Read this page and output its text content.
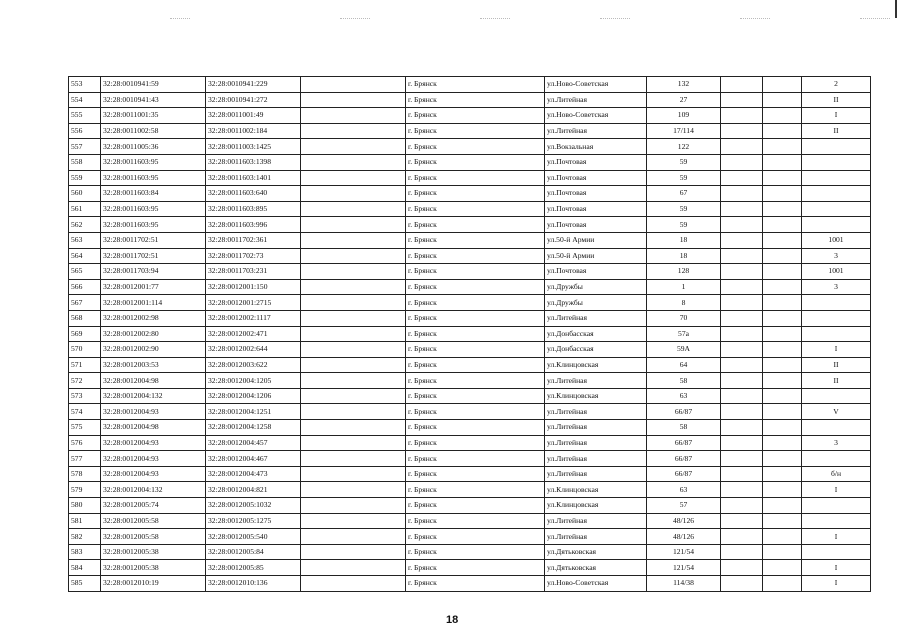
553	32:28:0010941:59	32:28:0010941:229		г. Брянск	ул.Ново-Советская	132			2
554	32:28:0010941:43	32:28:0010941:272		г. Брянск	ул.Литейная	27			II
555	32:28:0011001:35	32:28:0011001:49		г. Брянск	ул.Ново-Советская	109			I
556	32:28:0011002:58	32:28:0011002:184		г. Брянск	ул.Литейная	17/114			II
557	32:28:0011005:36	32:28:0011003:1425		г. Брянск	ул.Вокзальная	122			
558	32:28:0011603:95	32:28:0011603:1398		г. Брянск	ул.Почтовая	59			
559	32:28:0011603:95	32:28:0011603:1401		г. Брянск	ул.Почтовая	59			
560	32:28:0011603:84	32:28:0011603:640		г. Брянск	ул.Почтовая	67			
561	32:28:0011603:95	32:28:0011603:895		г. Брянск	ул.Почтовая	59			
562	32:28:0011603:95	32:28:0011603:996		г. Брянск	ул.Почтовая	59			
563	32:28:0011702:51	32:28:0011702:361		г. Брянск	ул.50-й Армии	18			1001
564	32:28:0011702:51	32:28:0011702:73		г. Брянск	ул.50-й Армии	18			3
565	32:28:0011703:94	32:28:0011703:231		г. Брянск	ул.Почтовая	128			1001
566	32:28:0012001:77	32:28:0012001:150		г. Брянск	ул.Дружбы	1			3
567	32:28:0012001:114	32:28:0012001:2715		г. Брянск	ул.Дружбы	8			
568	32:28:0012002:98	32:28:0012002:1117		г. Брянск	ул.Литейная	70			
569	32:28:0012002:80	32:28:0012002:471		г. Брянск	ул.Донбасская	57а			
570	32:28:0012002:90	32:28:0012002:644		г. Брянск	ул.Донбасская	59А			I
571	32:28:0012003:53	32:28:0012003:622		г. Брянск	ул.Клинцовская	64			II
572	32:28:0012004:98	32:28:0012004:1205		г. Брянск	ул.Литейная	58			II
573	32:28:0012004:132	32:28:0012004:1206		г. Брянск	ул.Клинцовская	63			
574	32:28:0012004:93	32:28:0012004:1251		г. Брянск	ул.Литейная	66/87			V
575	32:28:0012004:98	32:28:0012004:1258		г. Брянск	ул.Литейная	58			
576	32:28:0012004:93	32:28:0012004:457		г. Брянск	ул.Литейная	66/87			3
577	32:28:0012004:93	32:28:0012004:467		г. Брянск	ул.Литейная	66/87			
578	32:28:0012004:93	32:28:0012004:473		г. Брянск	ул.Литейная	66/87			б/н
579	32:28:0012004:132	32:28:0012004:821		г. Брянск	ул.Клинцовская	63			I
580	32:28:0012005:74	32:28:0012005:1032		г. Брянск	ул.Клинцовская	57			
581	32:28:0012005:58	32:28:0012005:1275		г. Брянск	ул.Литейная	48/126			
582	32:28:0012005:58	32:28:0012005:540		г. Брянск	ул.Литейная	48/126			I
583	32:28:0012005:38	32:28:0012005:84		г. Брянск	ул.Дятьковская	121/54			
584	32:28:0012005:38	32:28:0012005:85		г. Брянск	ул.Дятьковская	121/54			I
585	32:28:0012010:19	32:28:0012010:136		г. Брянск	ул.Ново-Советская	114/38			I
18
